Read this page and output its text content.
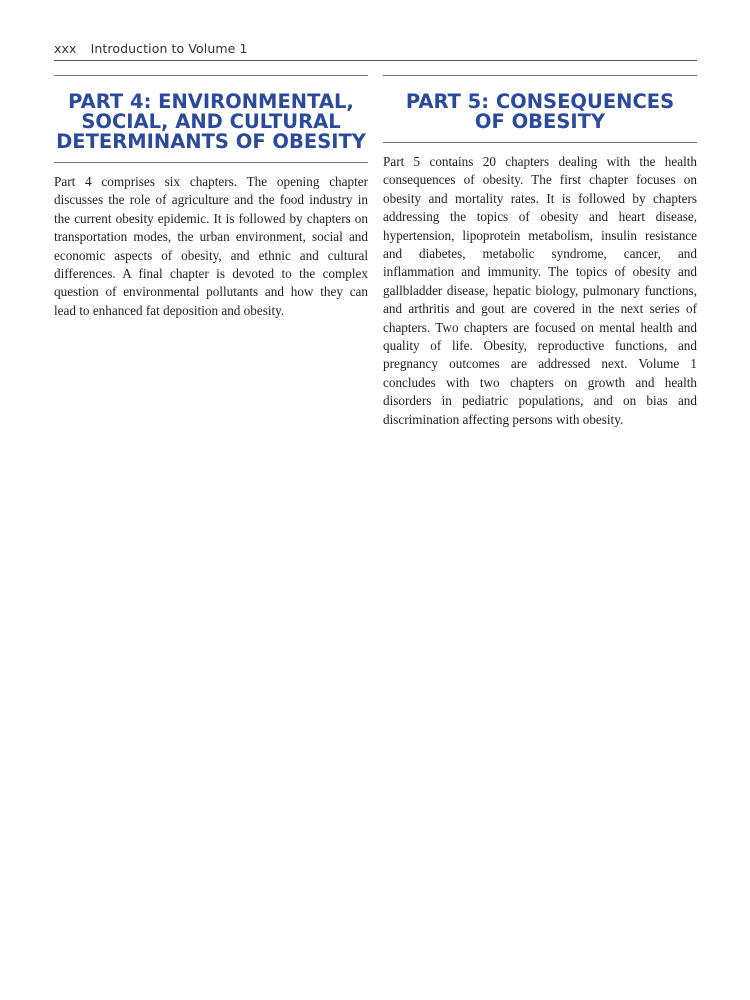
xxx Introduction to Volume 1
PART 4: ENVIRONMENTAL,
SOCIAL, AND CULTURAL
DETERMINANTS OF OBESITY

Part 4 comprises six chapters. The opening chapter discusses the role of agriculture and the food industry in the current obesity epidemic. It is followed by chapters on transportation modes, the urban environment, social and economic aspects of obesity, and ethnic and cultural differences. A final chapter is devoted to the complex question of environmental pollutants and how they can lead to enhanced fat deposition and obesity.

PART 5: CONSEQUENCES
OF OBESITY

Part 5 contains 20 chapters dealing with the health consequences of obesity. The first chapter focuses on obesity and mortality rates. It is followed by chapters addressing the topics of obesity and heart disease, hypertension, lipoprotein metabolism, insulin resistance and diabetes, metabolic syndrome, cancer, and inflammation and immunity. The topics of obesity and gallbladder disease, hepatic biology, pulmonary functions, and arthritis and gout are covered in the next series of chapters. Two chapters are focused on mental health and quality of life. Obesity, reproductive functions, and pregnancy outcomes are addressed next. Volume 1 concludes with two chapters on growth and health disorders in pediatric populations, and on bias and discrimination affecting persons with obesity.
